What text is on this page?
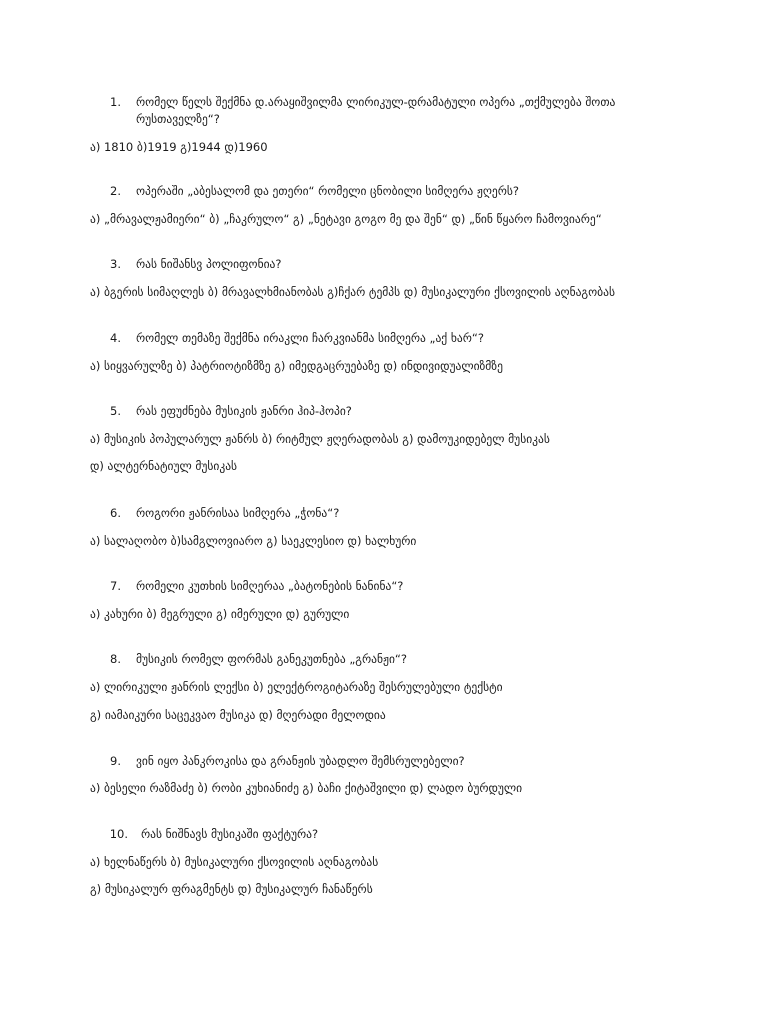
1. რომელ წელს შექმნა დ.არაყიშვილმა ლირიკულ-დრამატული ოპერა „თქმულება შოთა რუსთაველზე“?
ა) 1810 ბ)1919 გ)1944 დ)1960
2. ოპერაში „აბესალომ და ეთერი“ რომელი ცნობილი სიმღერა ჟღერს?
ა) „მრავალჟამიერი“ ბ) „ჩაკრულო“ გ) „ნეტავი გოგო მე და შენ“ დ) „წინ წყარო ჩამოვიარე“
3. რას ნიშანსვ პოლიფონია?
ა) ბგერის სიმაღლეს ბ) მრავალხმიანობას გ)ჩქარ ტემპს დ) მუსიკალური ქსოვილის აღნაგობას
4. რომელ თემაზე შექმნა ირაკლი ჩარკვიანმა სიმღერა „აქ ხარ“?
ა) სიყვარულზე ბ) პატრიოტიზმზე გ) იმედგაცრუებაზე დ) ინდივიდუალიზმზე
5. რას ეფუძნება მუსიკის ჟანრი ჰიპ-ჰოპი?
ა) მუსიკის პოპულარულ ჟანრს ბ) რიტმულ ჟღერადობას გ) დამოუკიდებელ მუსიკას
დ) ალტერნატიულ მუსიკას
6. როგორი ჟანრისაა სიმღერა „ჭონა“?
ა) სალაღობო ბ)სამგლოვიარო გ) საეკლესიო დ) ხალხური
7. რომელი კუთხის სიმღერაა „ბატონების ნანინა“?
ა) კახური ბ) მეგრული გ) იმერული დ) გურული
8. მუსიკის რომელ ფორმას განეკუთნება „გრანჟი“?
ა) ლირიკული ჟანრის ლექსი ბ) ელექტროგიტარაზე შესრულებული ტექსტი
გ) იამაიკური საცეკვაო მუსიკა დ) მღერადი მელოდია
9. ვინ იყო პანკროკისა და გრანჟის უბადლო შემსრულებელი?
ა) ბესელი რაზმაძე ბ) რობი კუხიანიძე გ) ბაჩი ქიტაშვილი დ) ლადო ბურდული
10. რას ნიშნავს მუსიკაში ფაქტურა?
ა) ხელნაწერს ბ) მუსიკალური ქსოვილის აღნაგობას
გ) მუსიკალურ ფრაგმენტს დ) მუსიკალურ ჩანაწერს
